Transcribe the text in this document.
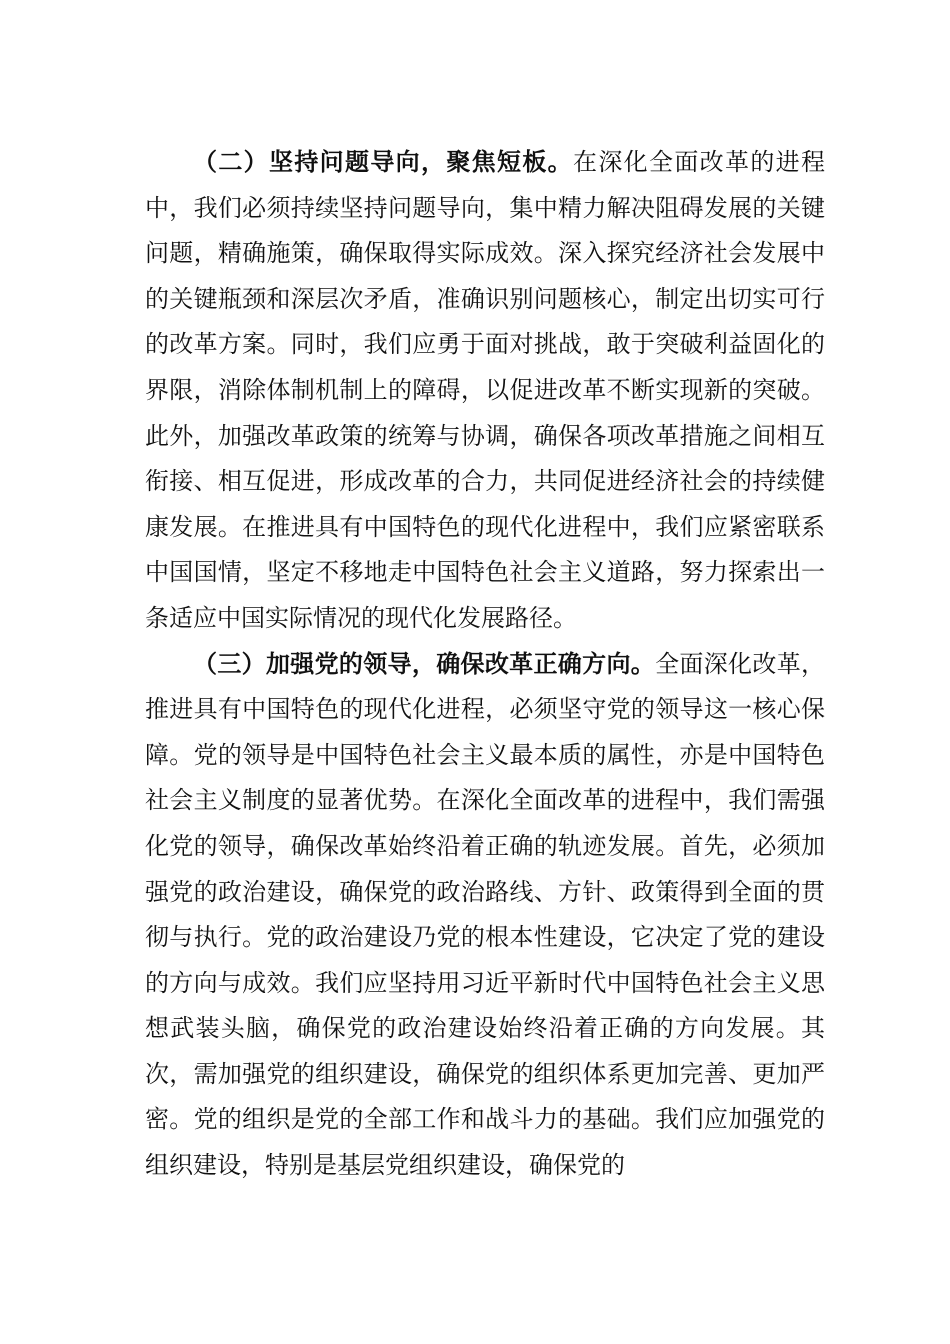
（二）坚持问题导向，聚焦短板。在深化全面改革的进程中，我们必须持续坚持问题导向，集中精力解决阻碍发展的关键问题，精确施策，确保取得实际成效。深入探究经济社会发展中的关键瓶颈和深层次矛盾，准确识别问题核心，制定出切实可行的改革方案。同时，我们应勇于面对挑战，敢于突破利益固化的界限，消除体制机制上的障碍，以促进改革不断实现新的突破。此外，加强改革政策的统筹与协调，确保各项改革措施之间相互衔接、相互促进，形成改革的合力，共同促进经济社会的持续健康发展。在推进具有中国特色的现代化进程中，我们应紧密联系中国国情，坚定不移地走中国特色社会主义道路，努力探索出一条适应中国实际情况的现代化发展路径。

（三）加强党的领导，确保改革正确方向。全面深化改革，推进具有中国特色的现代化进程，必须坚守党的领导这一核心保障。党的领导是中国特色社会主义最本质的属性，亦是中国特色社会主义制度的显著优势。在深化全面改革的进程中，我们需强化党的领导，确保改革始终沿着正确的轨迹发展。首先，必须加强党的政治建设，确保党的政治路线、方针、政策得到全面的贯彻与执行。党的政治建设乃党的根本性建设，它决定了党的建设的方向与成效。我们应坚持用习近平新时代中国特色社会主义思想武装头脑，确保党的政治建设始终沿着正确的方向发展。其次，需加强党的组织建设，确保党的组织体系更加完善、更加严密。党的组织是党的全部工作和战斗力的基础。我们应加强党的组织建设，特别是基层党组织建设，确保党的
